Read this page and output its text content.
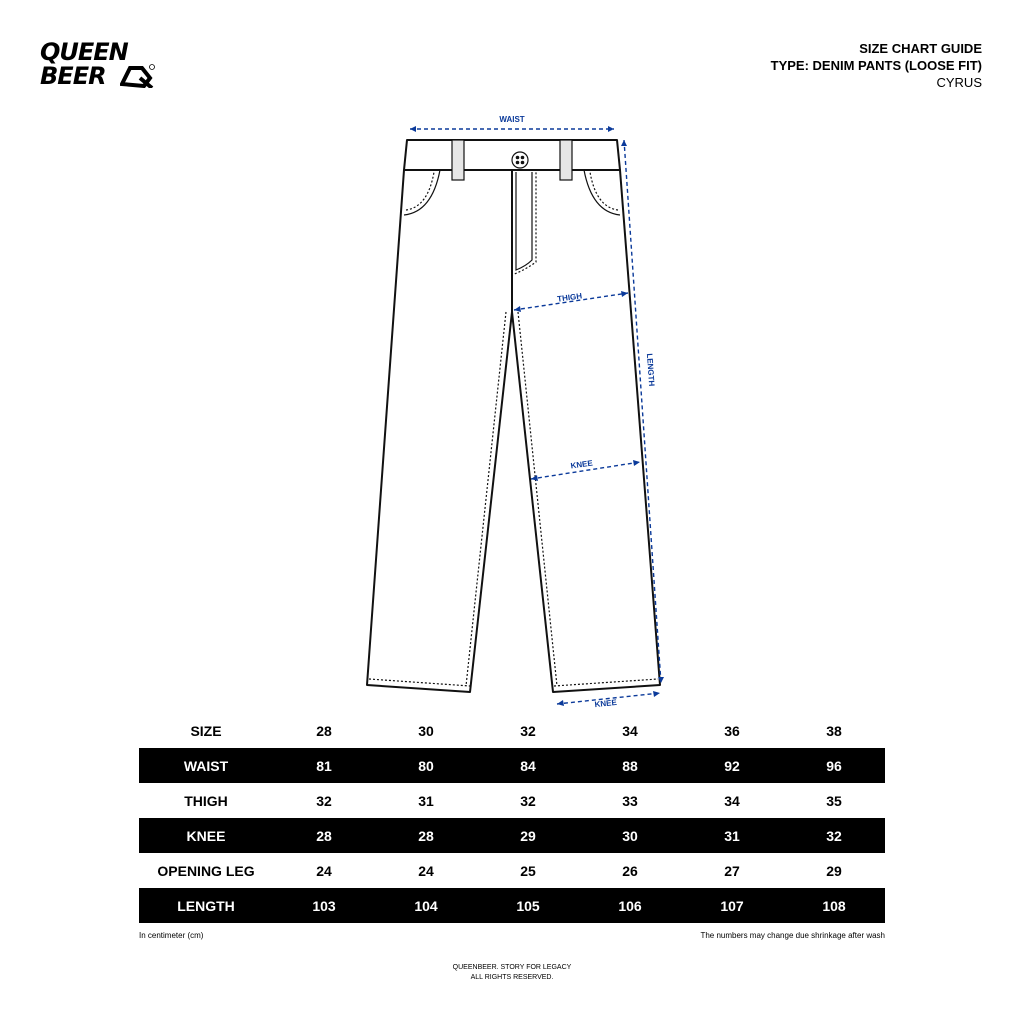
QUEEN
BEER
SIZE CHART GUIDE
TYPE: DENIM PANTS (LOOSE FIT)
CYRUS
WAIST
THIGH
LENGTH
KNEE
KNEE
SIZE	28	30	32	34	36	38
WAIST	81	80	84	88	92	96
THIGH	32	31	32	33	34	35
KNEE	28	28	29	30	31	32
OPENING LEG	24	24	25	26	27	29
LENGTH	103	104	105	106	107	108
In centimeter (cm)	The numbers may change due shrinkage after wash
QUEENBEER. STORY FOR LEGACY
ALL RIGHTS RESERVED.
